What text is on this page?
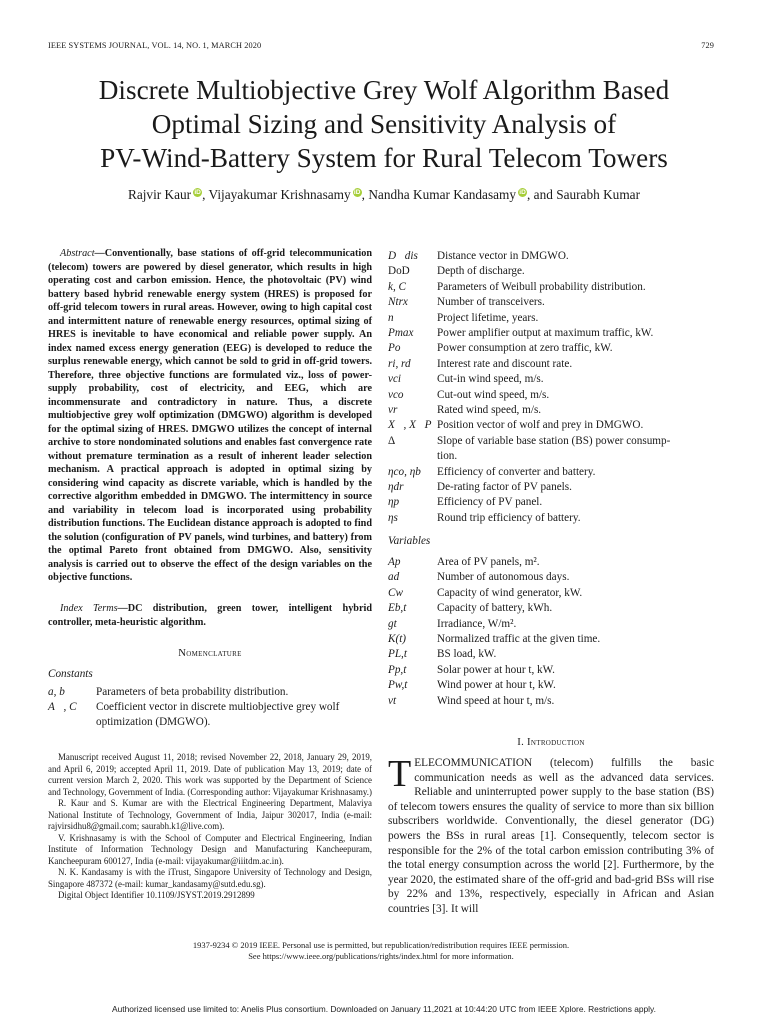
IEEE SYSTEMS JOURNAL, VOL. 14, NO. 1, MARCH 2020	729
Discrete Multiobjective Grey Wolf Algorithm Based
Optimal Sizing and Sensitivity Analysis of
PV-Wind-Battery System for Rural Telecom Towers
Rajvir Kaur iD, Vijayakumar Krishnasamy iD, Nandha Kumar Kandasamy iD, and Saurabh Kumar
Abstract—Conventionally, base stations of off-grid telecommunication (telecom) towers are powered by diesel generator, which results in high operating cost and carbon emission. Hence, the photovoltaic (PV) wind battery based hybrid renewable energy system (HRES) is proposed for off-grid telecom towers in rural areas. However, owing to high capital cost and intermittent nature of renewable energy resources, optimal sizing of HRES is inevitable to have economical and reliable power supply. An index named excess energy generation (EEG) is developed to reduce the surplus renewable energy, which cannot be sold to grid in off-grid towers. Therefore, three objective functions are formulated viz., loss of power-supply probability, cost of electricity, and EEG, which are incommensurate and contradictory in nature. Thus, a discrete multiobjective grey wolf optimization (DMGWO) algorithm is developed for the optimal sizing of HRES. DMGWO utilizes the concept of internal archive to store nondominated solutions and enables fast convergence rate without premature termination as a result of inherent leader selection mechanism. A practical approach is adopted in optimal sizing by considering wind capacity as discrete variable, which is handled by the corrective algorithm embedded in DMGWO. The intermittency in source and variability in telecom load is incorporated using probability distribution functions. The Euclidean distance approach is adopted to find the solution (configuration of PV panels, wind turbines, and battery) from the optimal Pareto front obtained from DMGWO. Also, sensitivity analysis is carried out to observe the effect of the design variables on the objective functions.
Index Terms—DC distribution, green tower, intelligent hybrid controller, meta-heuristic algorithm.
Nomenclature
Constants
a, b	Parameters of beta probability distribution.
A⃗, C⃗ Coefficient vector in discrete multiobjective grey wolf
optimization (DMGWO).
D⃗dis Distance vector in DMGWO.
DoD Depth of discharge.
k, C	Parameters of Weibull probability distribution.
Ntrx	Number of transceivers.
n	Project lifetime, years.
Pmax Power amplifier output at maximum traffic, kW.
Po	Power consumption at zero traffic, kW.
ri, rd Interest rate and discount rate.
vci	Cut-in wind speed, m/s.
vco	Cut-out wind speed, m/s.
vr	Rated wind speed, m/s.
X⃗, X⃗P Position vector of wolf and prey in DMGWO.
Δ	Slope of variable base station (BS) power consump-
tion.
ηco, ηb Efficiency of converter and battery.
ηdr	De-rating factor of PV panels.
ηp	Efficiency of PV panel.
ηs	Round trip efficiency of battery.
Variables
Ap	Area of PV panels, m².
ad	Number of autonomous days.
Cw	Capacity of wind generator, kW.
Eb,t	Capacity of battery, kWh.
gt	Irradiance, W/m².
K(t)	Normalized traffic at the given time.
PL,t	BS load, kW.
Pp,t	Solar power at hour t, kW.
Pw,t	Wind power at hour t, kW.
vt	Wind speed at hour t, m/s.

Manuscript received August 11, 2018; revised November 22, 2018, January 29, 2019, and April 6, 2019; accepted April 11, 2019. Date of publication May 13, 2019; date of current version March 2, 2020. This work was supported by the Department of Science and Technology, Government of India. (Corresponding author: Vijayakumar Krishnasamy.)

R. Kaur and S. Kumar are with the Electrical Engineering Department, Malaviya National Institute of Technology, Government of India, Jaipur 302017, India (e-mail: rajvirsidhu8@gmail.com; saurabh.k1@live.com).

V. Krishnasamy is with the School of Computer and Electrical Engineering, Indian Institute of Information Technology Design and Manufacturing Kancheepuram, Kancheepuram 600127, India (e-mail: vijayakumar@iiitdm.ac.in).

N. K. Kandasamy is with the iTrust, Singapore University of Technology and Design, Singapore 487372 (e-mail: kumar_kandasamy@sutd.edu.sg).

Digital Object Identifier 10.1109/JSYST.2019.2912899

I. Introduction
TELECOMMUNICATION (telecom) fulfills the basic communication needs as well as the advanced data services. Reliable and uninterrupted power supply to the base station (BS) of telecom towers ensures the quality of service to more than six billion subscribers worldwide. Conventionally, the diesel generator (DG) powers the BSs in rural areas [1]. Consequently, telecom sector is responsible for the 2% of the total carbon emission contributing 3% of the total energy consumption across the world [2]. Furthermore, by the year 2020, the estimated share of the off-grid and bad-grid BSs will rise by 22% and 13%, respectively, especially in African and Asian countries [3]. It will
1937-9234 © 2019 IEEE. Personal use is permitted, but republication/redistribution requires IEEE permission.
See https://www.ieee.org/publications/rights/index.html for more information.
Authorized licensed use limited to: Anelis Plus consortium. Downloaded on January 11,2021 at 10:44:20 UTC from IEEE Xplore. Restrictions apply.
